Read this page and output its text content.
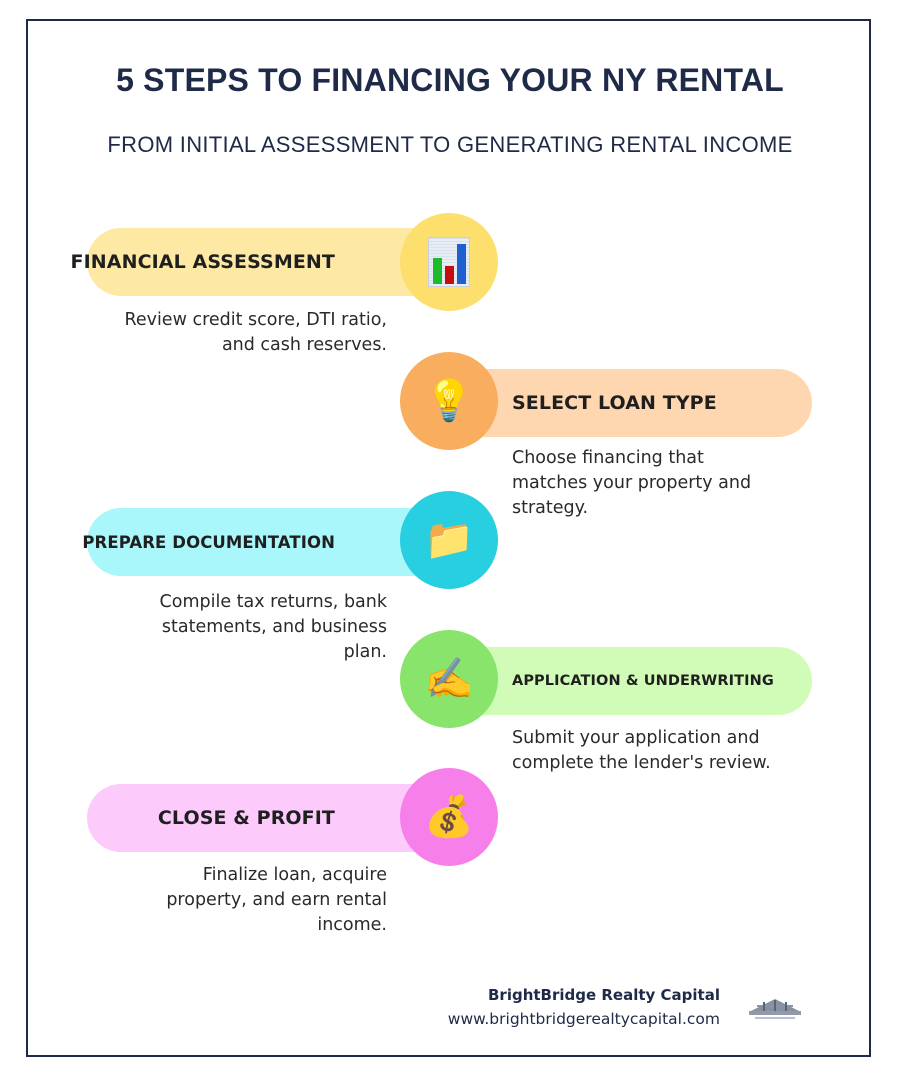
5 STEPS TO FINANCING YOUR NY RENTAL
FROM INITIAL ASSESSMENT TO GENERATING RENTAL INCOME
FINANCIAL ASSESSMENT
Review credit score, DTI ratio,
and cash reserves.
SELECT LOAN TYPE
💡
Choose financing that
matches your property and
strategy.
PREPARE DOCUMENTATION 📁
Compile tax returns, bank
statements, and business
plan.
APPLICATION & UNDERWRITING
✍️
Submit your application and
complete the lender's review.
CLOSE & PROFIT 💰
Finalize loan, acquire
property, and earn rental
income.
BrightBridge Realty Capital
www.brightbridgerealtycapital.com
